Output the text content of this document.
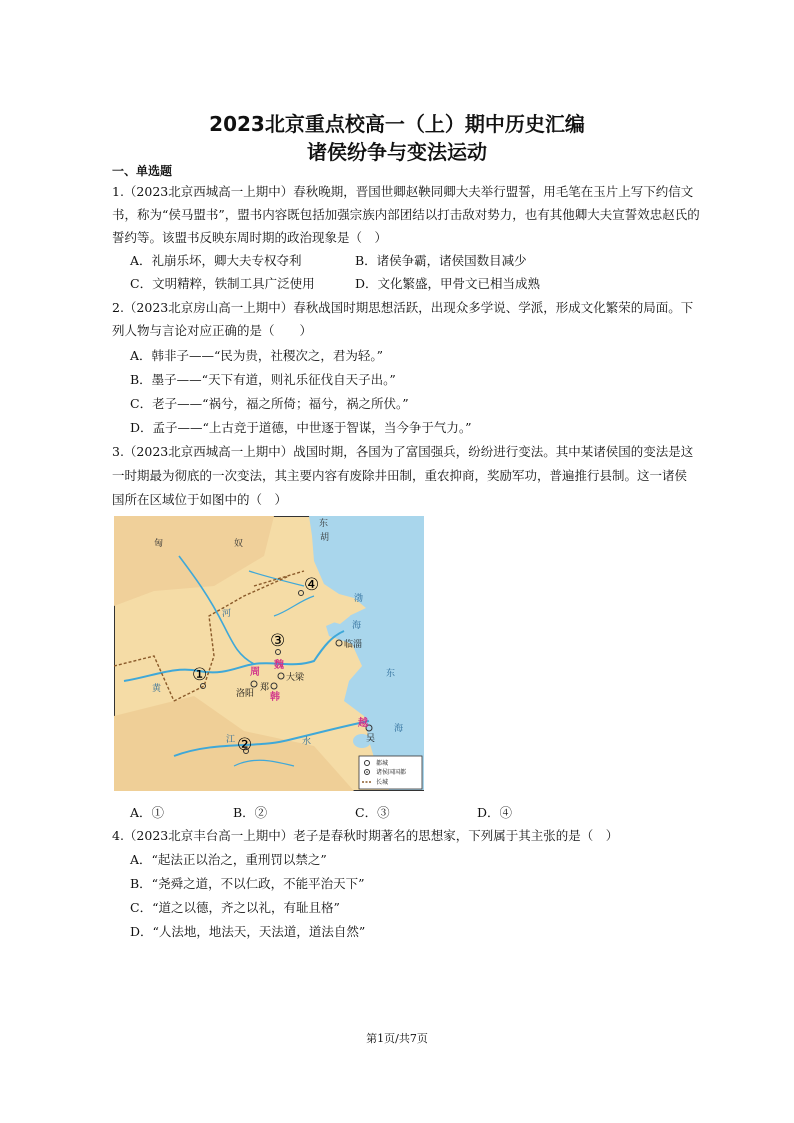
2023北京重点校高一（上）期中历史汇编
诸侯纷争与变法运动
一、单选题
1.（2023北京西城高一上期中）春秋晚期，晋国世卿赵鞅同卿大夫举行盟誓，用毛笔在玉片上写下约信文
书，称为“侯马盟书”，盟书内容既包括加强宗族内部团结以打击敌对势力，也有其他卿大夫宣誓效忠赵氏的
誓约等。该盟书反映东周时期的政治现象是（　）
A．礼崩乐坏，卿大夫专权夺利	B．诸侯争霸，诸侯国数目减少
C．文明精粹，铁制工具广泛使用	D．文化繁盛，甲骨文已相当成熟
2.（2023北京房山高一上期中）春秋战国时期思想活跃，出现众多学说、学派，形成文化繁荣的局面。下
列人物与言论对应正确的是（　　）
A．韩非子——“民为贵，社稷次之，君为轻。”
B．墨子——“天下有道，则礼乐征伐自天子出。”
C．老子——“祸兮，福之所倚；福兮，祸之所伏。”
D．孟子——“上古竞于道德，中世逐于智谋，当今争于气力。”
3.（2023北京西城高一上期中）战国时期，各国为了富国强兵，纷纷进行变法。其中某诸侯国的变法是这
一时期最为彻底的一次变法，其主要内容有废除井田制，重农抑商，奖励军功，普遍推行县制。这一诸侯
国所在区域位于如图中的（　）
东
胡
匈	奴
渤
海
东
海
黄
河
江	水
临淄
洛阳
大梁
郑
吴
周
魏
韩
越
①
②
③
④
都城
诸侯国国都
长城
A．①	B．②	C．③	D．④
4.（2023北京丰台高一上期中）老子是春秋时期著名的思想家，下列属于其主张的是（　）
A．“起法正以治之，重刑罚以禁之”
B．“尧舜之道，不以仁政，不能平治天下”
C．“道之以德，齐之以礼，有耻且格”
D．“人法地，地法天，天法道，道法自然”
第1页/共7页
